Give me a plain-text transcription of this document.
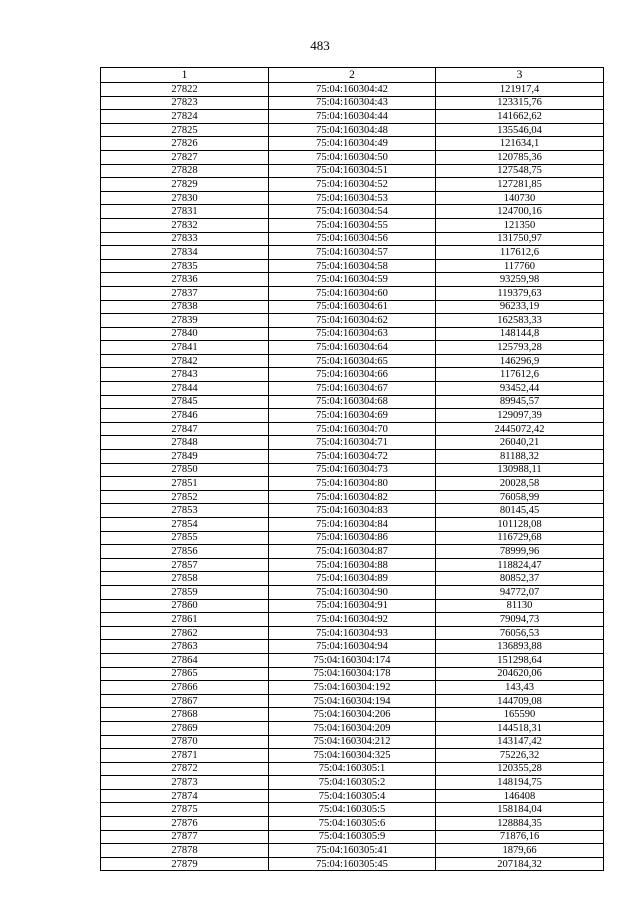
483
1	2	3
27822	75:04:160304:42	121917,4
27823	75:04:160304:43	123315,76
27824	75:04:160304:44	141662,62
27825	75:04:160304:48	135546,04
27826	75:04:160304:49	121634,1
27827	75:04:160304:50	120785,36
27828	75:04:160304:51	127548,75
27829	75:04:160304:52	127281,85
27830	75:04:160304:53	140730
27831	75:04:160304:54	124700,16
27832	75:04:160304:55	121350
27833	75:04:160304:56	131750,97
27834	75:04:160304:57	117612,6
27835	75:04:160304:58	117760
27836	75:04:160304:59	93259,98
27837	75:04:160304:60	119379,63
27838	75:04:160304:61	96233,19
27839	75:04:160304:62	162583,33
27840	75:04:160304:63	148144,8
27841	75:04:160304:64	125793,28
27842	75:04:160304:65	146296,9
27843	75:04:160304:66	117612,6
27844	75:04:160304:67	93452,44
27845	75:04:160304:68	89945,57
27846	75:04:160304:69	129097,39
27847	75:04:160304:70	2445072,42
27848	75:04:160304:71	26040,21
27849	75:04:160304:72	81188,32
27850	75:04:160304:73	130988,11
27851	75:04:160304:80	20028,58
27852	75:04:160304:82	76058,99
27853	75:04:160304:83	80145,45
27854	75:04:160304:84	101128,08
27855	75:04:160304:86	116729,68
27856	75:04:160304:87	78999,96
27857	75:04:160304:88	118824,47
27858	75:04:160304:89	80852,37
27859	75:04:160304:90	94772,07
27860	75:04:160304:91	81130
27861	75:04:160304:92	79094,73
27862	75:04:160304:93	76056,53
27863	75:04:160304:94	136893,88
27864	75:04:160304:174	151298,64
27865	75:04:160304:178	204620,06
27866	75:04:160304:192	143,43
27867	75:04:160304:194	144709,08
27868	75:04:160304:206	165590
27869	75:04:160304:209	144518,31
27870	75:04:160304:212	143147,42
27871	75:04:160304:325	75226,32
27872	75:04:160305:1	120355,28
27873	75:04:160305:2	148194,75
27874	75:04:160305:4	146408
27875	75:04:160305:5	158184,04
27876	75:04:160305:6	128884,35
27877	75:04:160305:9	71876,16
27878	75:04:160305:41	1879,66
27879	75:04:160305:45	207184,32
